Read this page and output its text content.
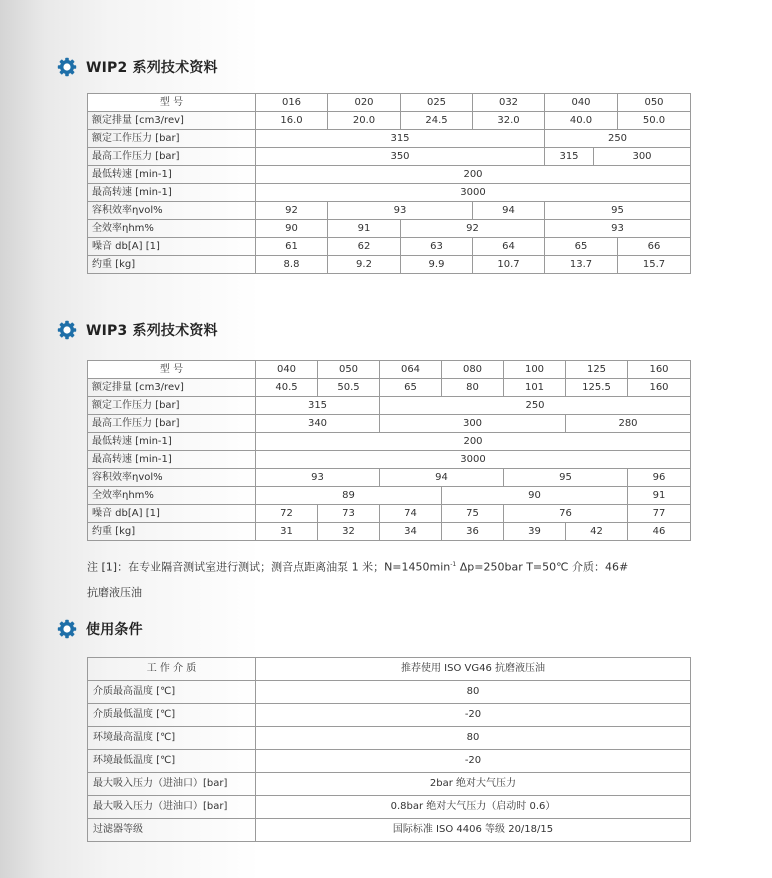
WIP2 系列技术资料
型 号	016	020	025	032	040		050	
额定排量 [cm3/rev]	16.0	20.0	24.5	32.0	40.0		50.0	
额定工作压力 [bar]	315				250			
最高工作压力 [bar]	350				315	300	
最低转速 [min-1]	200							
最高转速 [min-1]	3000							
容积效率ηvol%	92	93		94	95			
全效率ηhm%	90	91	92		93			
噪音 db[A] [1]	61	62	63	64	65		66	
约重 [kg]	8.8	9.2	9.9	10.7	13.7		15.7	
WIP3 系列技术资料
型 号	040	050	064	080	100	125	160
额定排量 [cm3/rev]	40.5	50.5	65	80	101	125.5	160
额定工作压力 [bar]	315		250				
最高工作压力 [bar]	340		300			280	
最低转速 [min-1]	200						
最高转速 [min-1]	3000						
容积效率ηvol%	93		94		95		96
全效率ηhm%	89			90			91
噪音 db[A] [1]	72	73	74	75	76		77
约重 [kg]	31	32	34	36	39	42	46
注 [1]：在专业隔音测试室进行测试；测音点距离油泵 1 米；$N=1450\min^{-1}$ Δp=250bar T=50℃ 介质：46#
抗磨液压油
使用条件
工 作 介 质	推荐使用 ISO VG46 抗磨液压油
介质最高温度 [℃]	80
介质最低温度 [℃]	-20
环境最高温度 [℃]	80
环境最低温度 [℃]	-20
最大吸入压力（进油口）[bar]	2bar 绝对大气压力
最大吸入压力（进油口）[bar]	0.8bar 绝对大气压力（启动时 0.6）
过滤器等级	国际标准 ISO 4406 等级 20/18/15
